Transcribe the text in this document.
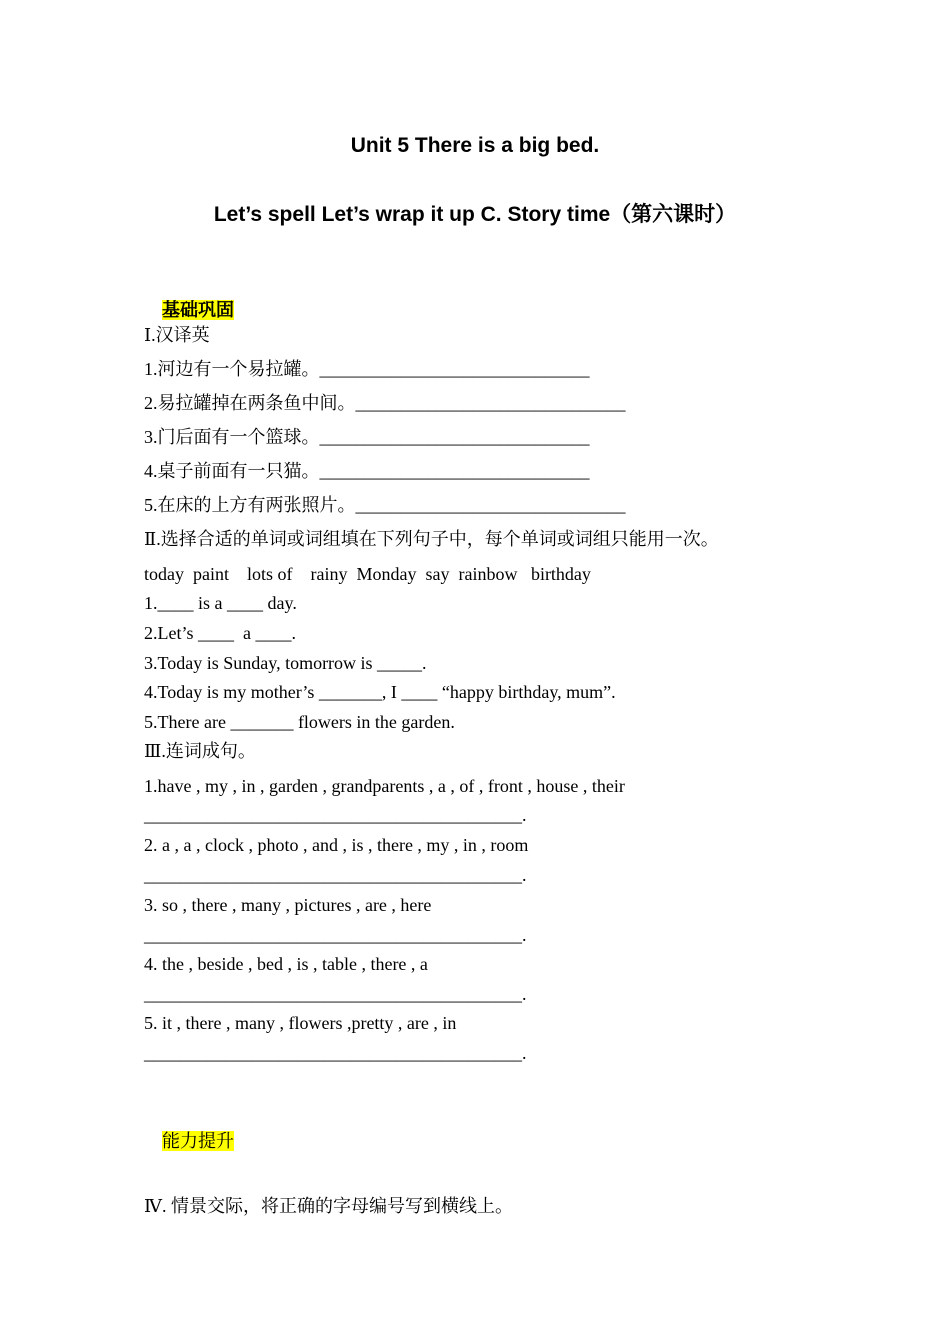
Unit 5 There is a big bed.
Let’s spell Let’s wrap it up C. Story time（第六课时）

基础巩固

Ⅰ.汉译英
1.河边有一个易拉罐。______________________________
2.易拉罐掉在两条鱼中间。______________________________
3.门后面有一个篮球。______________________________
4.桌子前面有一只猫。______________________________
5.在床的上方有两张照片。______________________________
Ⅱ.选择合适的单词或词组填在下列句子中，每个单词或词组只能用一次。
today  paint    lots of    rainy  Monday  say  rainbow   birthday
1.____ is a ____ day.
2.Let’s ____  a ____.
3.Today is Sunday, tomorrow is _____.
4.Today is my mother’s _______, I ____ “happy birthday, mum”.
5.There are _______ flowers in the garden.
Ⅲ.连词成句。
1.have , my , in , garden , grandparents , a , of , front , house , their
__________________________________________.
2. a , a , clock , photo , and , is , there , my , in , room
__________________________________________.
3. so , there , many , pictures , are , here
__________________________________________.
4. the , beside , bed , is , table , there , a
__________________________________________.
5. it , there , many , flowers ,pretty , are , in
__________________________________________.

能力提升

Ⅳ. 情景交际，将正确的字母编号写到横线上。
